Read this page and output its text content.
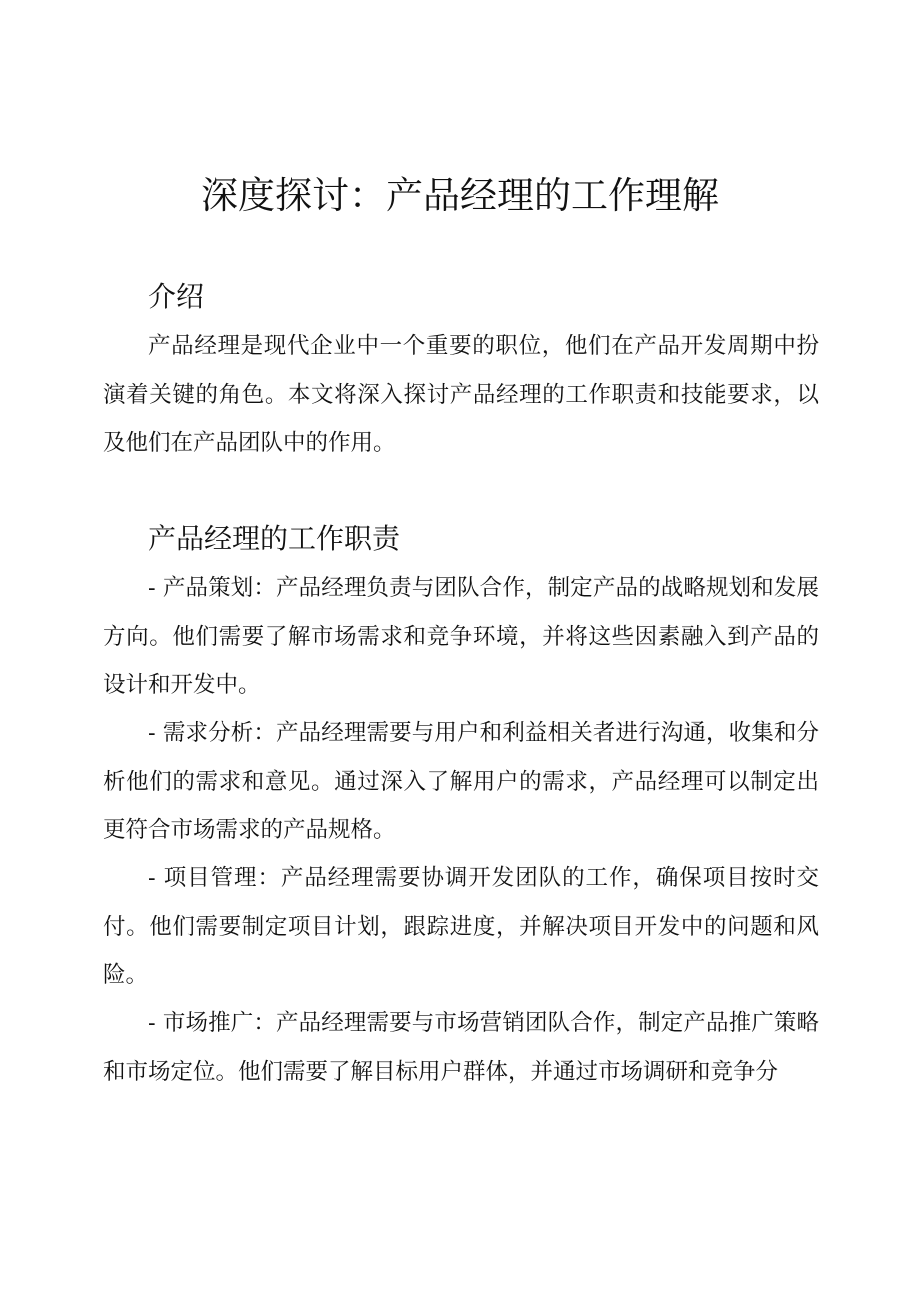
深度探讨：产品经理的工作理解
介绍

产品经理是现代企业中一个重要的职位，他们在产品开发周期中扮演着关键的角色。本文将深入探讨产品经理的工作职责和技能要求，以及他们在产品团队中的作用。

产品经理的工作职责

- 产品策划：产品经理负责与团队合作，制定产品的战略规划和发展方向。他们需要了解市场需求和竞争环境，并将这些因素融入到产品的设计和开发中。

- 需求分析：产品经理需要与用户和利益相关者进行沟通，收集和分析他们的需求和意见。通过深入了解用户的需求，产品经理可以制定出更符合市场需求的产品规格。

- 项目管理：产品经理需要协调开发团队的工作，确保项目按时交付。他们需要制定项目计划，跟踪进度，并解决项目开发中的问题和风险。

- 市场推广：产品经理需要与市场营销团队合作，制定产品推广策略和市场定位。他们需要了解目标用户群体，并通过市场调研和竞争分
